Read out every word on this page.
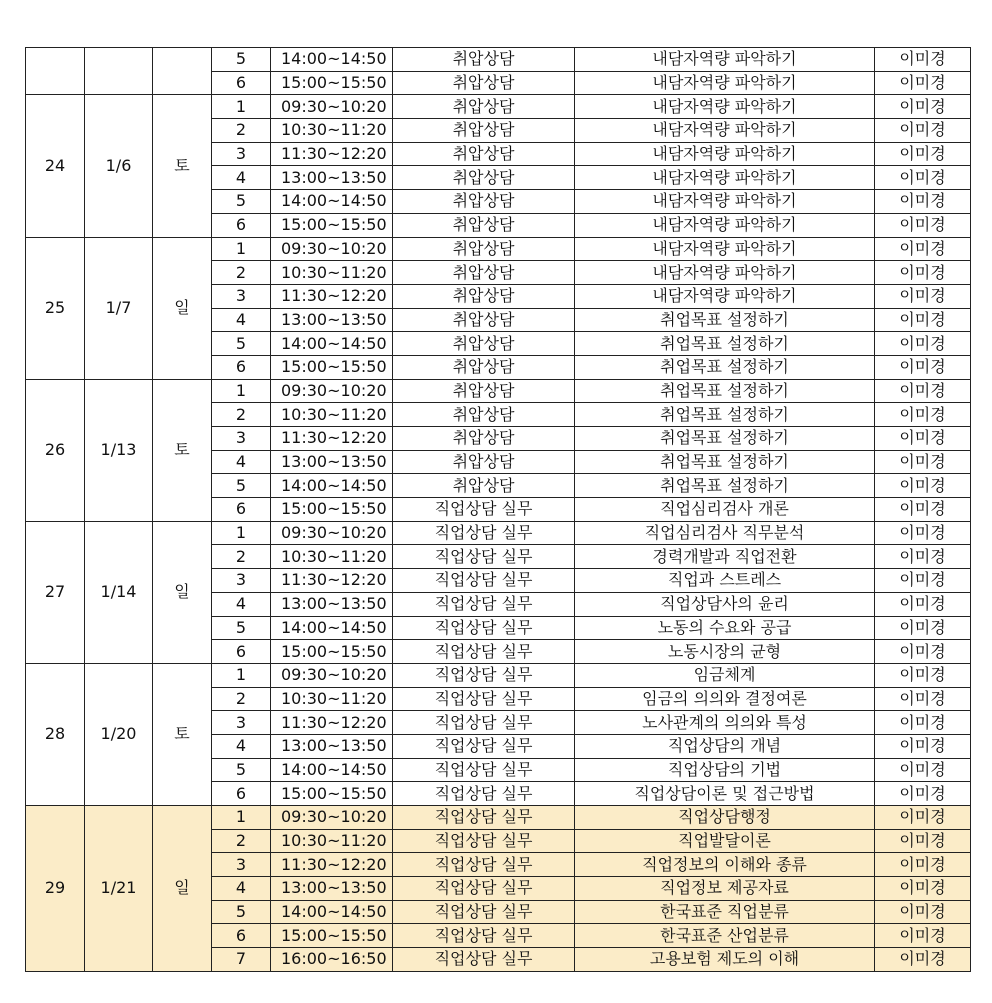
			5	14:00~14:50	취압상담	내담자역량 파악하기	이미경
			6	15:00~15:50	취압상담	내담자역량 파악하기	이미경
24	1/6	토	1	09:30~10:20	취압상담	내담자역량 파악하기	이미경
			2	10:30~11:20	취압상담	내담자역량 파악하기	이미경
			3	11:30~12:20	취압상담	내담자역량 파악하기	이미경
			4	13:00~13:50	취압상담	내담자역량 파악하기	이미경
			5	14:00~14:50	취압상담	내담자역량 파악하기	이미경
			6	15:00~15:50	취압상담	내담자역량 파악하기	이미경
25	1/7	일	1	09:30~10:20	취압상담	내담자역량 파악하기	이미경
			2	10:30~11:20	취압상담	내담자역량 파악하기	이미경
			3	11:30~12:20	취압상담	내담자역량 파악하기	이미경
			4	13:00~13:50	취압상담	취업목표 설정하기	이미경
			5	14:00~14:50	취압상담	취업목표 설정하기	이미경
			6	15:00~15:50	취압상담	취업목표 설정하기	이미경
26	1/13	토	1	09:30~10:20	취압상담	취업목표 설정하기	이미경
			2	10:30~11:20	취압상담	취업목표 설정하기	이미경
			3	11:30~12:20	취압상담	취업목표 설정하기	이미경
			4	13:00~13:50	취압상담	취업목표 설정하기	이미경
			5	14:00~14:50	취압상담	취업목표 설정하기	이미경
			6	15:00~15:50	직업상담 실무	직업심리검사 개론	이미경
27	1/14	일	1	09:30~10:20	직업상담 실무	직업심리검사 직무분석	이미경
			2	10:30~11:20	직업상담 실무	경력개발과 직업전환	이미경
			3	11:30~12:20	직업상담 실무	직업과 스트레스	이미경
			4	13:00~13:50	직업상담 실무	직업상담사의 윤리	이미경
			5	14:00~14:50	직업상담 실무	노동의 수요와 공급	이미경
			6	15:00~15:50	직업상담 실무	노동시장의 균형	이미경
28	1/20	토	1	09:30~10:20	직업상담 실무	임금체계	이미경
			2	10:30~11:20	직업상담 실무	임금의 의의와 결정여론	이미경
			3	11:30~12:20	직업상담 실무	노사관계의 의의와 특성	이미경
			4	13:00~13:50	직업상담 실무	직업상담의 개념	이미경
			5	14:00~14:50	직업상담 실무	직업상담의 기법	이미경
			6	15:00~15:50	직업상담 실무	직업상담이론 및 접근방법	이미경
29	1/21	일	1	09:30~10:20	직업상담 실무	직업상담행정	이미경
			2	10:30~11:20	직업상담 실무	직업발달이론	이미경
			3	11:30~12:20	직업상담 실무	직업정보의 이해와 종류	이미경
			4	13:00~13:50	직업상담 실무	직업정보 제공자료	이미경
			5	14:00~14:50	직업상담 실무	한국표준 직업분류	이미경
			6	15:00~15:50	직업상담 실무	한국표준 산업분류	이미경
			7	16:00~16:50	직업상담 실무	고용보험 제도의 이해	이미경
